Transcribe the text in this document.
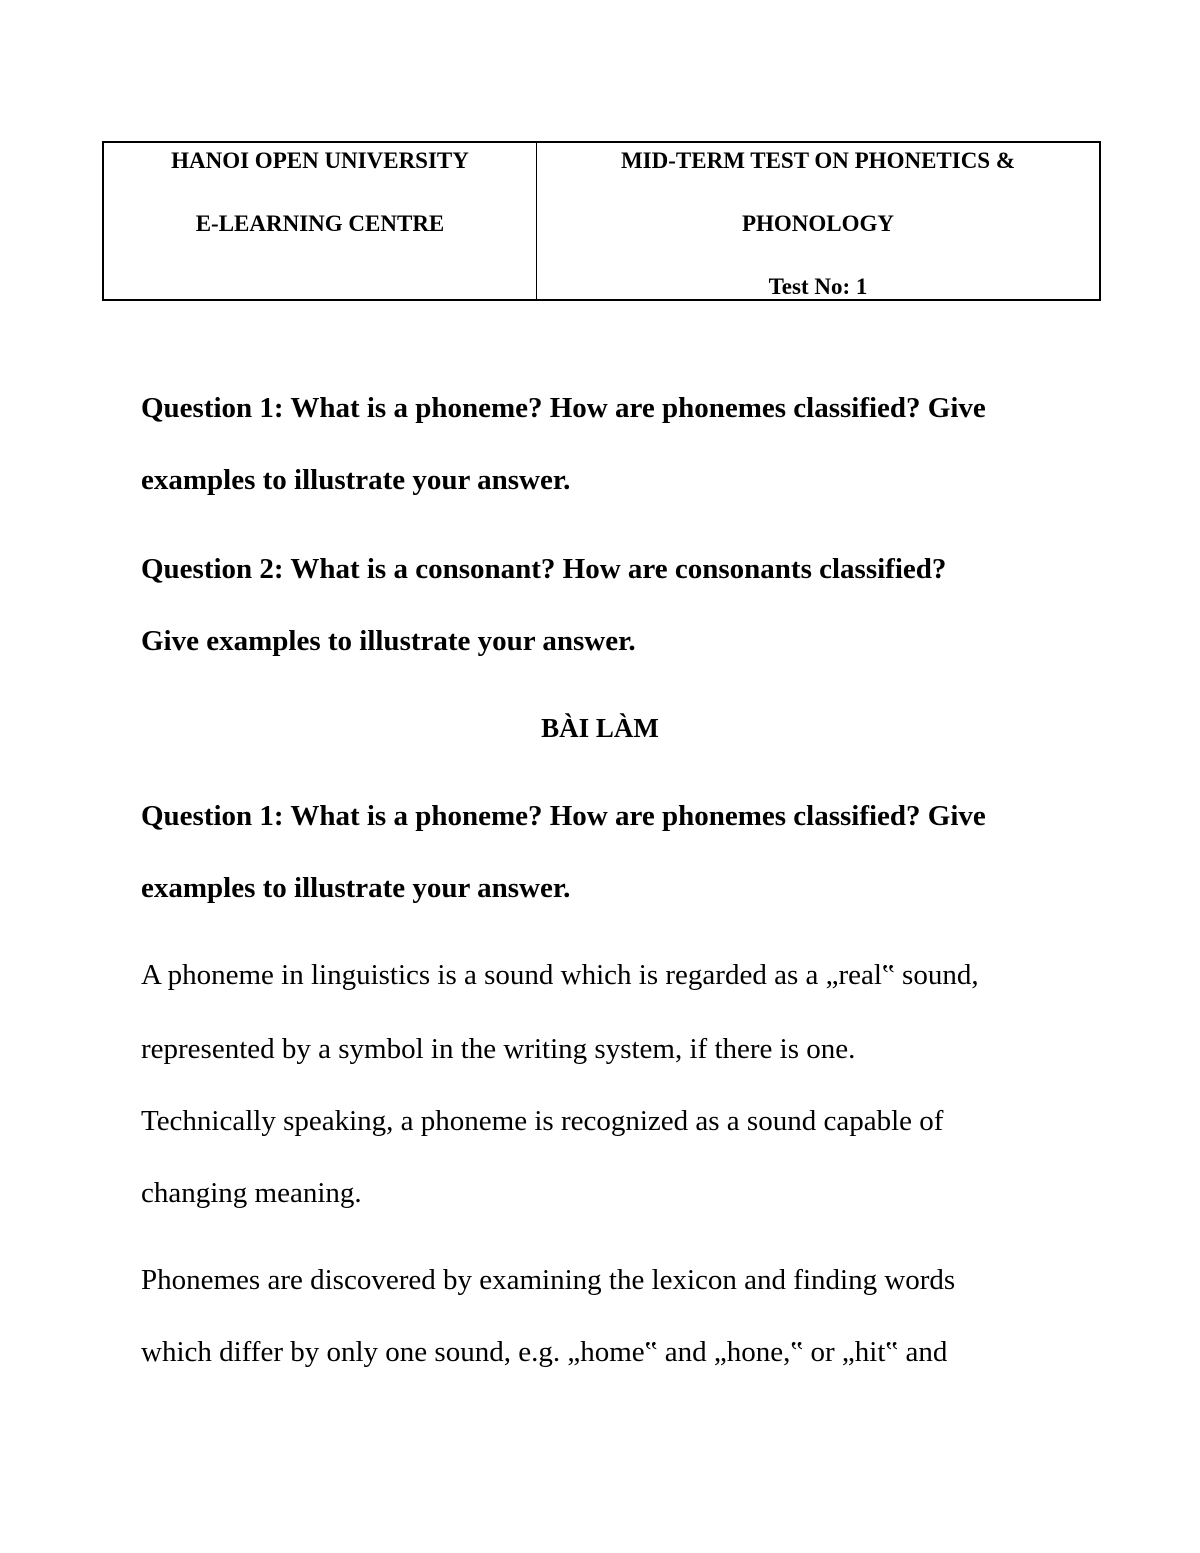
HANOI OPEN UNIVERSITY
E-LEARNING CENTRE
MID-TERM TEST ON PHONETICS &
PHONOLOGY
Test No: 1
Question 1: What is a phoneme? How are phonemes classified? Give
examples to illustrate your answer.
Question 2: What is a consonant? How are consonants classified?
Give examples to illustrate your answer.
BÀI LÀM
Question 1: What is a phoneme? How are phonemes classified? Give
examples to illustrate your answer.
A phoneme in linguistics is a sound which is regarded as a „real‟ sound,
represented by a symbol in the writing system, if there is one.
Technically speaking, a phoneme is recognized as a sound capable of
changing meaning.
Phonemes are discovered by examining the lexicon and finding words
which differ by only one sound, e.g. „home‟ and „hone,‟ or „hit‟ and
